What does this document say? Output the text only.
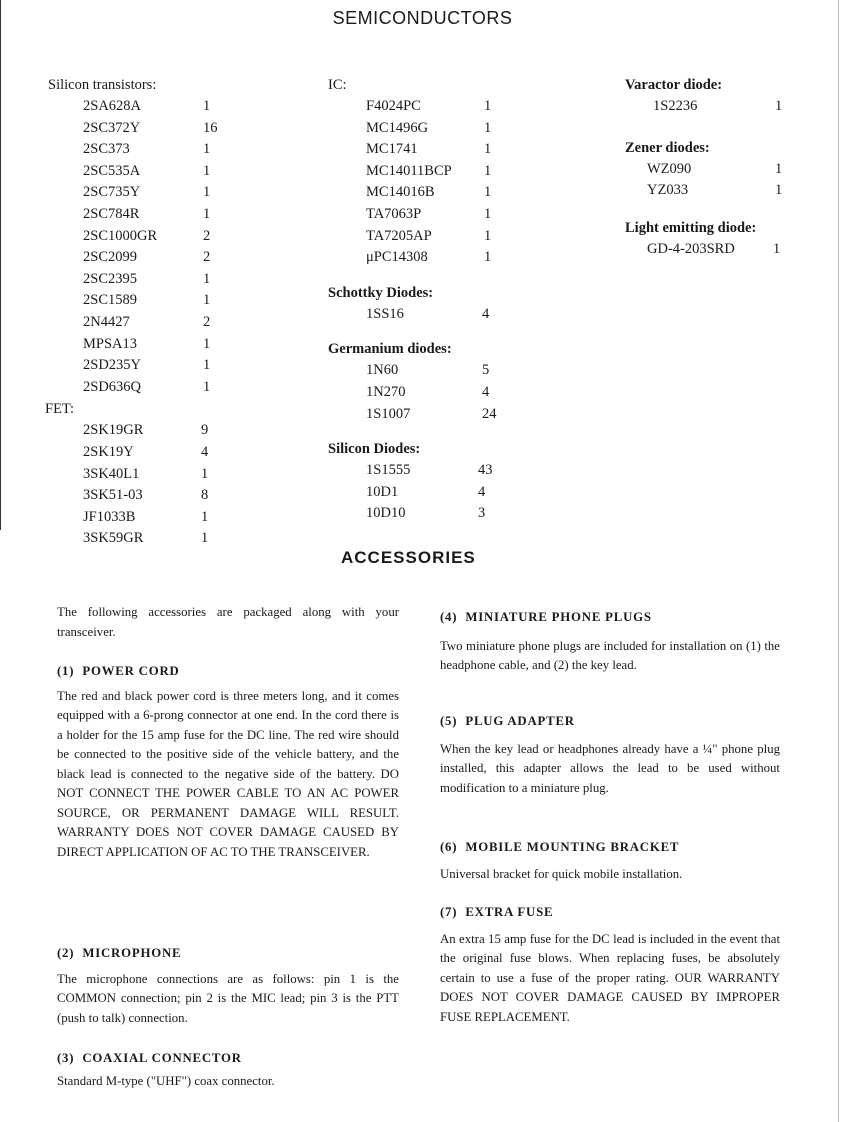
SEMICONDUCTORS
Silicon transistors:
2SA628A	1
2SC372Y	16
2SC373	1
2SC535A	1
2SC735Y	1
2SC784R	1
2SC1000GR	2
2SC2099	2
2SC2395	1
2SC1589	1
2N4427	2
MPSA13	1
2SD235Y	1
2SD636Q	1
FET:
2SK19GR	9
2SK19Y	4
3SK40L1	1
3SK51-03	8
JF1033B	1
3SK59GR	1
IC:
F4024PC	1
MC1496G	1
MC1741	1
MC14011BCP 1
MC14016B	1
TA7063P	1
TA7205AP	1
μPC14308	1
Schottky Diodes:
1SS16	4
Germanium diodes:
1N60	5
1N270	4
1S1007	24
Silicon Diodes:
1S1555	43
10D1	4
10D10	3
Varactor diode:
1S2236	1
Zener diodes:
WZ090	1
YZ033	1
Light emitting diode:
GD-4-203SRD	1
ACCESSORIES

The following accessories are packaged along with your transceiver.

(1) POWER CORD

The red and black power cord is three meters long, and it comes equipped with a 6-prong connector at one end. In the cord there is a holder for the 15 amp fuse for the DC line. The red wire should be connected to the positive side of the vehicle battery, and the black lead is connected to the negative side of the battery. DO NOT CONNECT THE POWER CABLE TO AN AC POWER SOURCE, OR PERMANENT DAMAGE WILL RESULT. WARRANTY DOES NOT COVER DAMAGE CAUSED BY DIRECT APPLICATION OF AC TO THE TRANSCEIVER.

(2) MICROPHONE

The microphone connections are as follows: pin 1 is the COMMON connection; pin 2 is the MIC lead; pin 3 is the PTT (push to talk) connection.

(3) COAXIAL CONNECTOR

Standard M-type ("UHF") coax connector.

(4) MINIATURE PHONE PLUGS

Two miniature phone plugs are included for installation on (1) the headphone cable, and (2) the key lead.

(5) PLUG ADAPTER

When the key lead or headphones already have a ¼" phone plug installed, this adapter allows the lead to be used without modification to a miniature plug.

(6) MOBILE MOUNTING BRACKET

Universal bracket for quick mobile installation.

(7) EXTRA FUSE

An extra 15 amp fuse for the DC lead is included in the event that the original fuse blows. When replacing fuses, be absolutely certain to use a fuse of the proper rating. OUR WARRANTY DOES NOT COVER DAMAGE CAUSED BY IMPROPER FUSE REPLACEMENT.
